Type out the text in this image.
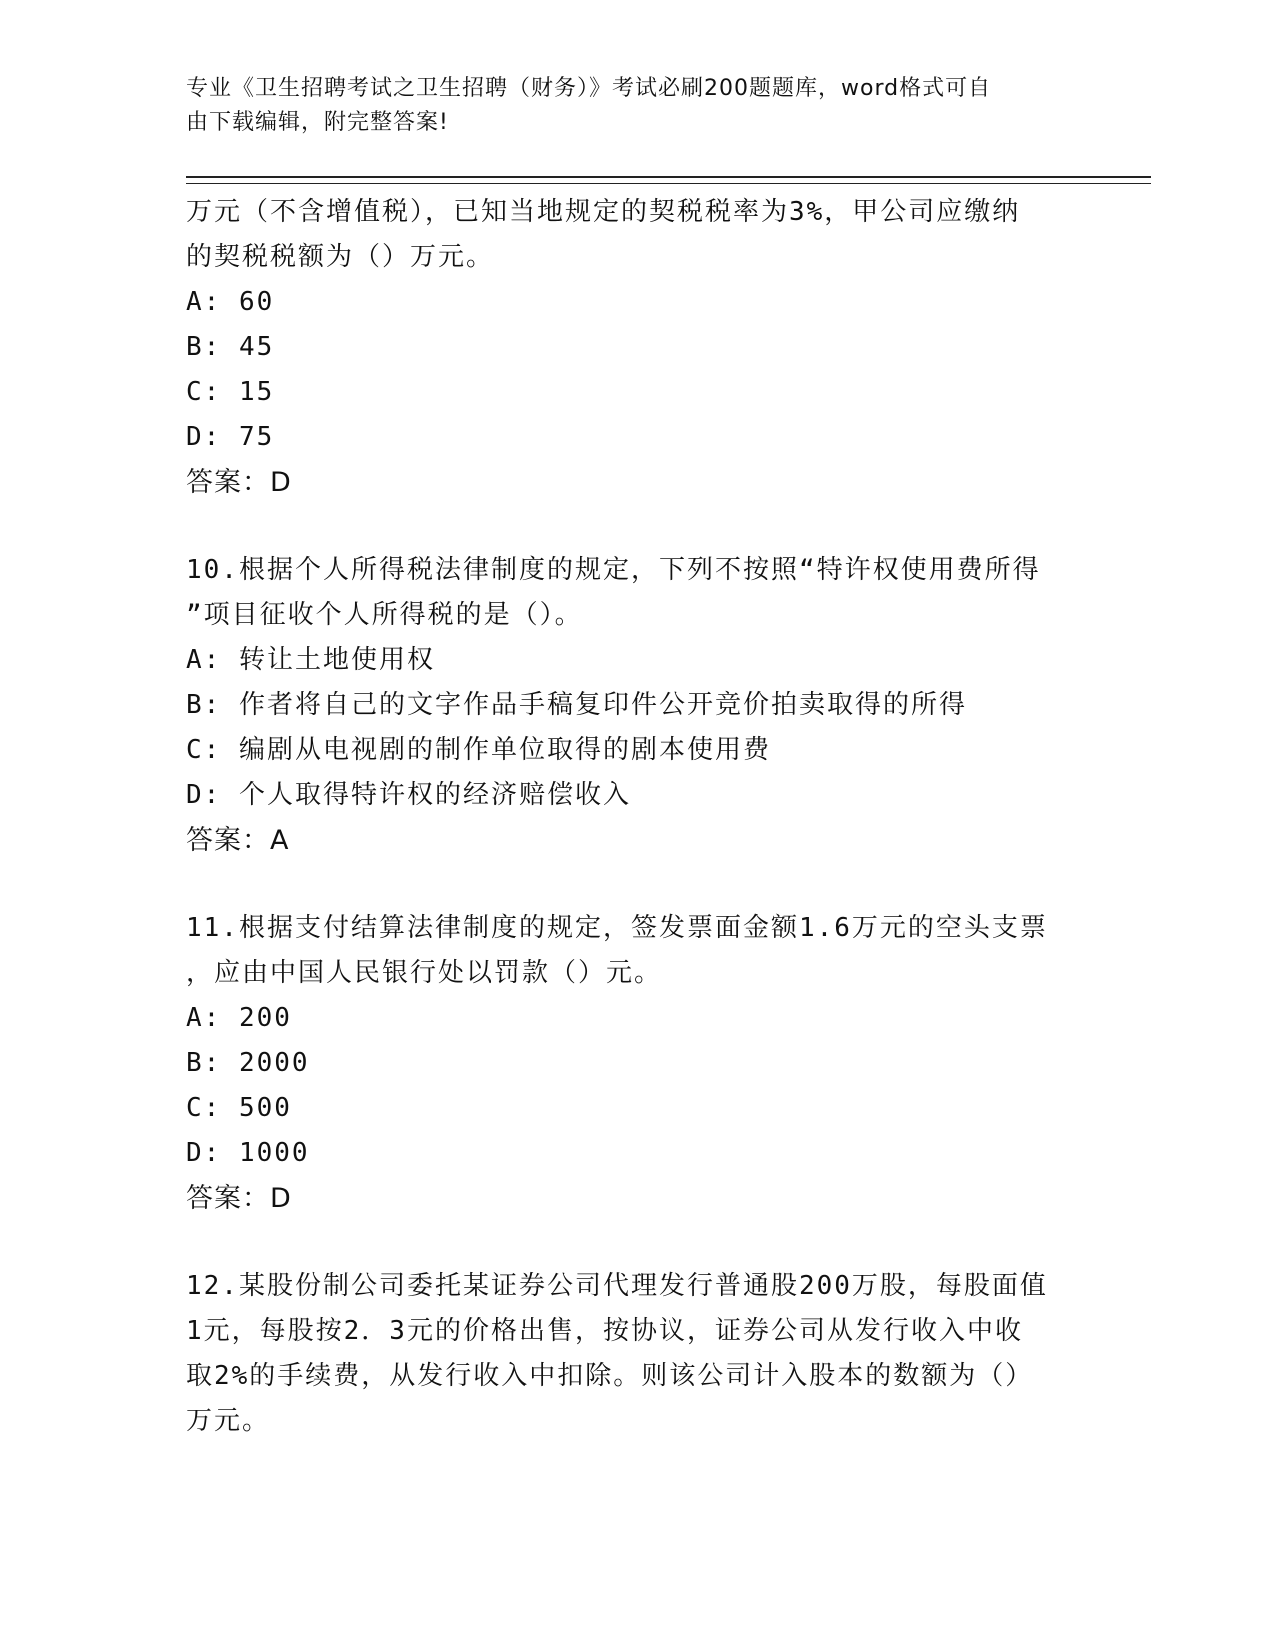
专业《卫生招聘考试之卫生招聘（财务）》考试必刷200题题库，word格式可自
由下载编辑，附完整答案!
万元（不含增值税），已知当地规定的契税税率为3%，甲公司应缴纳
的契税税额为（）万元。
A: 60
B: 45
C: 15
D: 75
答案：D
10.根据个人所得税法律制度的规定，下列不按照“特许权使用费所得
”项目征收个人所得税的是（）。
A: 转让土地使用权
B: 作者将自己的文字作品手稿复印件公开竞价拍卖取得的所得
C: 编剧从电视剧的制作单位取得的剧本使用费
D: 个人取得特许权的经济赔偿收入
答案：A
11.根据支付结算法律制度的规定，签发票面金额1.6万元的空头支票
，应由中国人民银行处以罚款（）元。
A: 200
B: 2000
C: 500
D: 1000
答案：D
12.某股份制公司委托某证券公司代理发行普通股200万股，每股面值
1元，每股按2．3元的价格出售，按协议，证券公司从发行收入中收
取2%的手续费，从发行收入中扣除。则该公司计入股本的数额为（）
万元。
